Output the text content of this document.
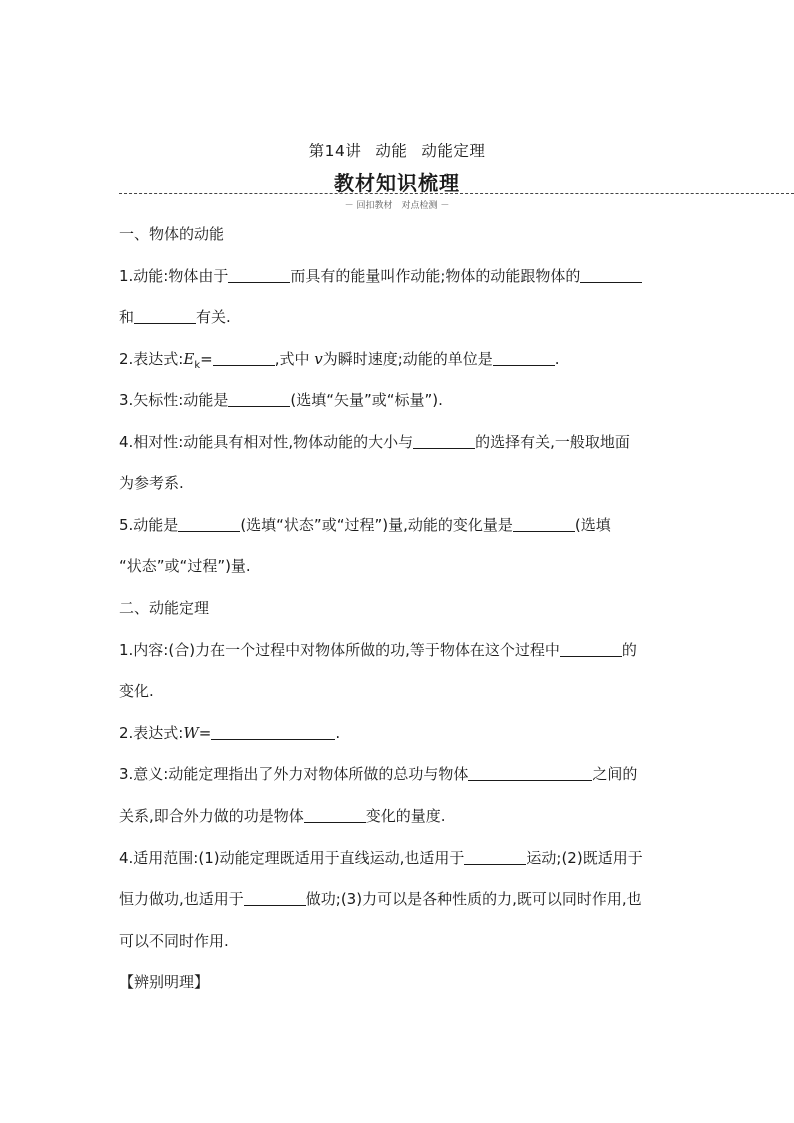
第14讲 动能 动能定理
教材知识梳理
－ 回扣教材　对点检测 －
一、物体的动能
1.动能:物体由于	而具有的能量叫作动能;物体的动能跟物体的
和	有关.
2.表达式$:E_k=$	,式中 v为瞬时速度;动能的单位是	.
3.矢标性:动能是	(选填“矢量”或“标量”).
4.相对性:动能具有相对性,物体动能的大小与	的选择有关,一般取地面
为参考系.
5.动能是	(选填“状态”或“过程”)量,动能的变化量是	(选填
“状态”或“过程”)量.
二、动能定理
1.内容:(合)力在一个过程中对物体所做的功,等于物体在这个过程中	的
变化.
2.表达式:W=	.
3.意义:动能定理指出了外力对物体所做的总功与物体	之间的
关系,即合外力做的功是物体	变化的量度.
4.适用范围:(1)动能定理既适用于直线运动,也适用于	运动;(2)既适用于
恒力做功,也适用于	做功;(3)力可以是各种性质的力,既可以同时作用,也
可以不同时作用.
【辨别明理】
